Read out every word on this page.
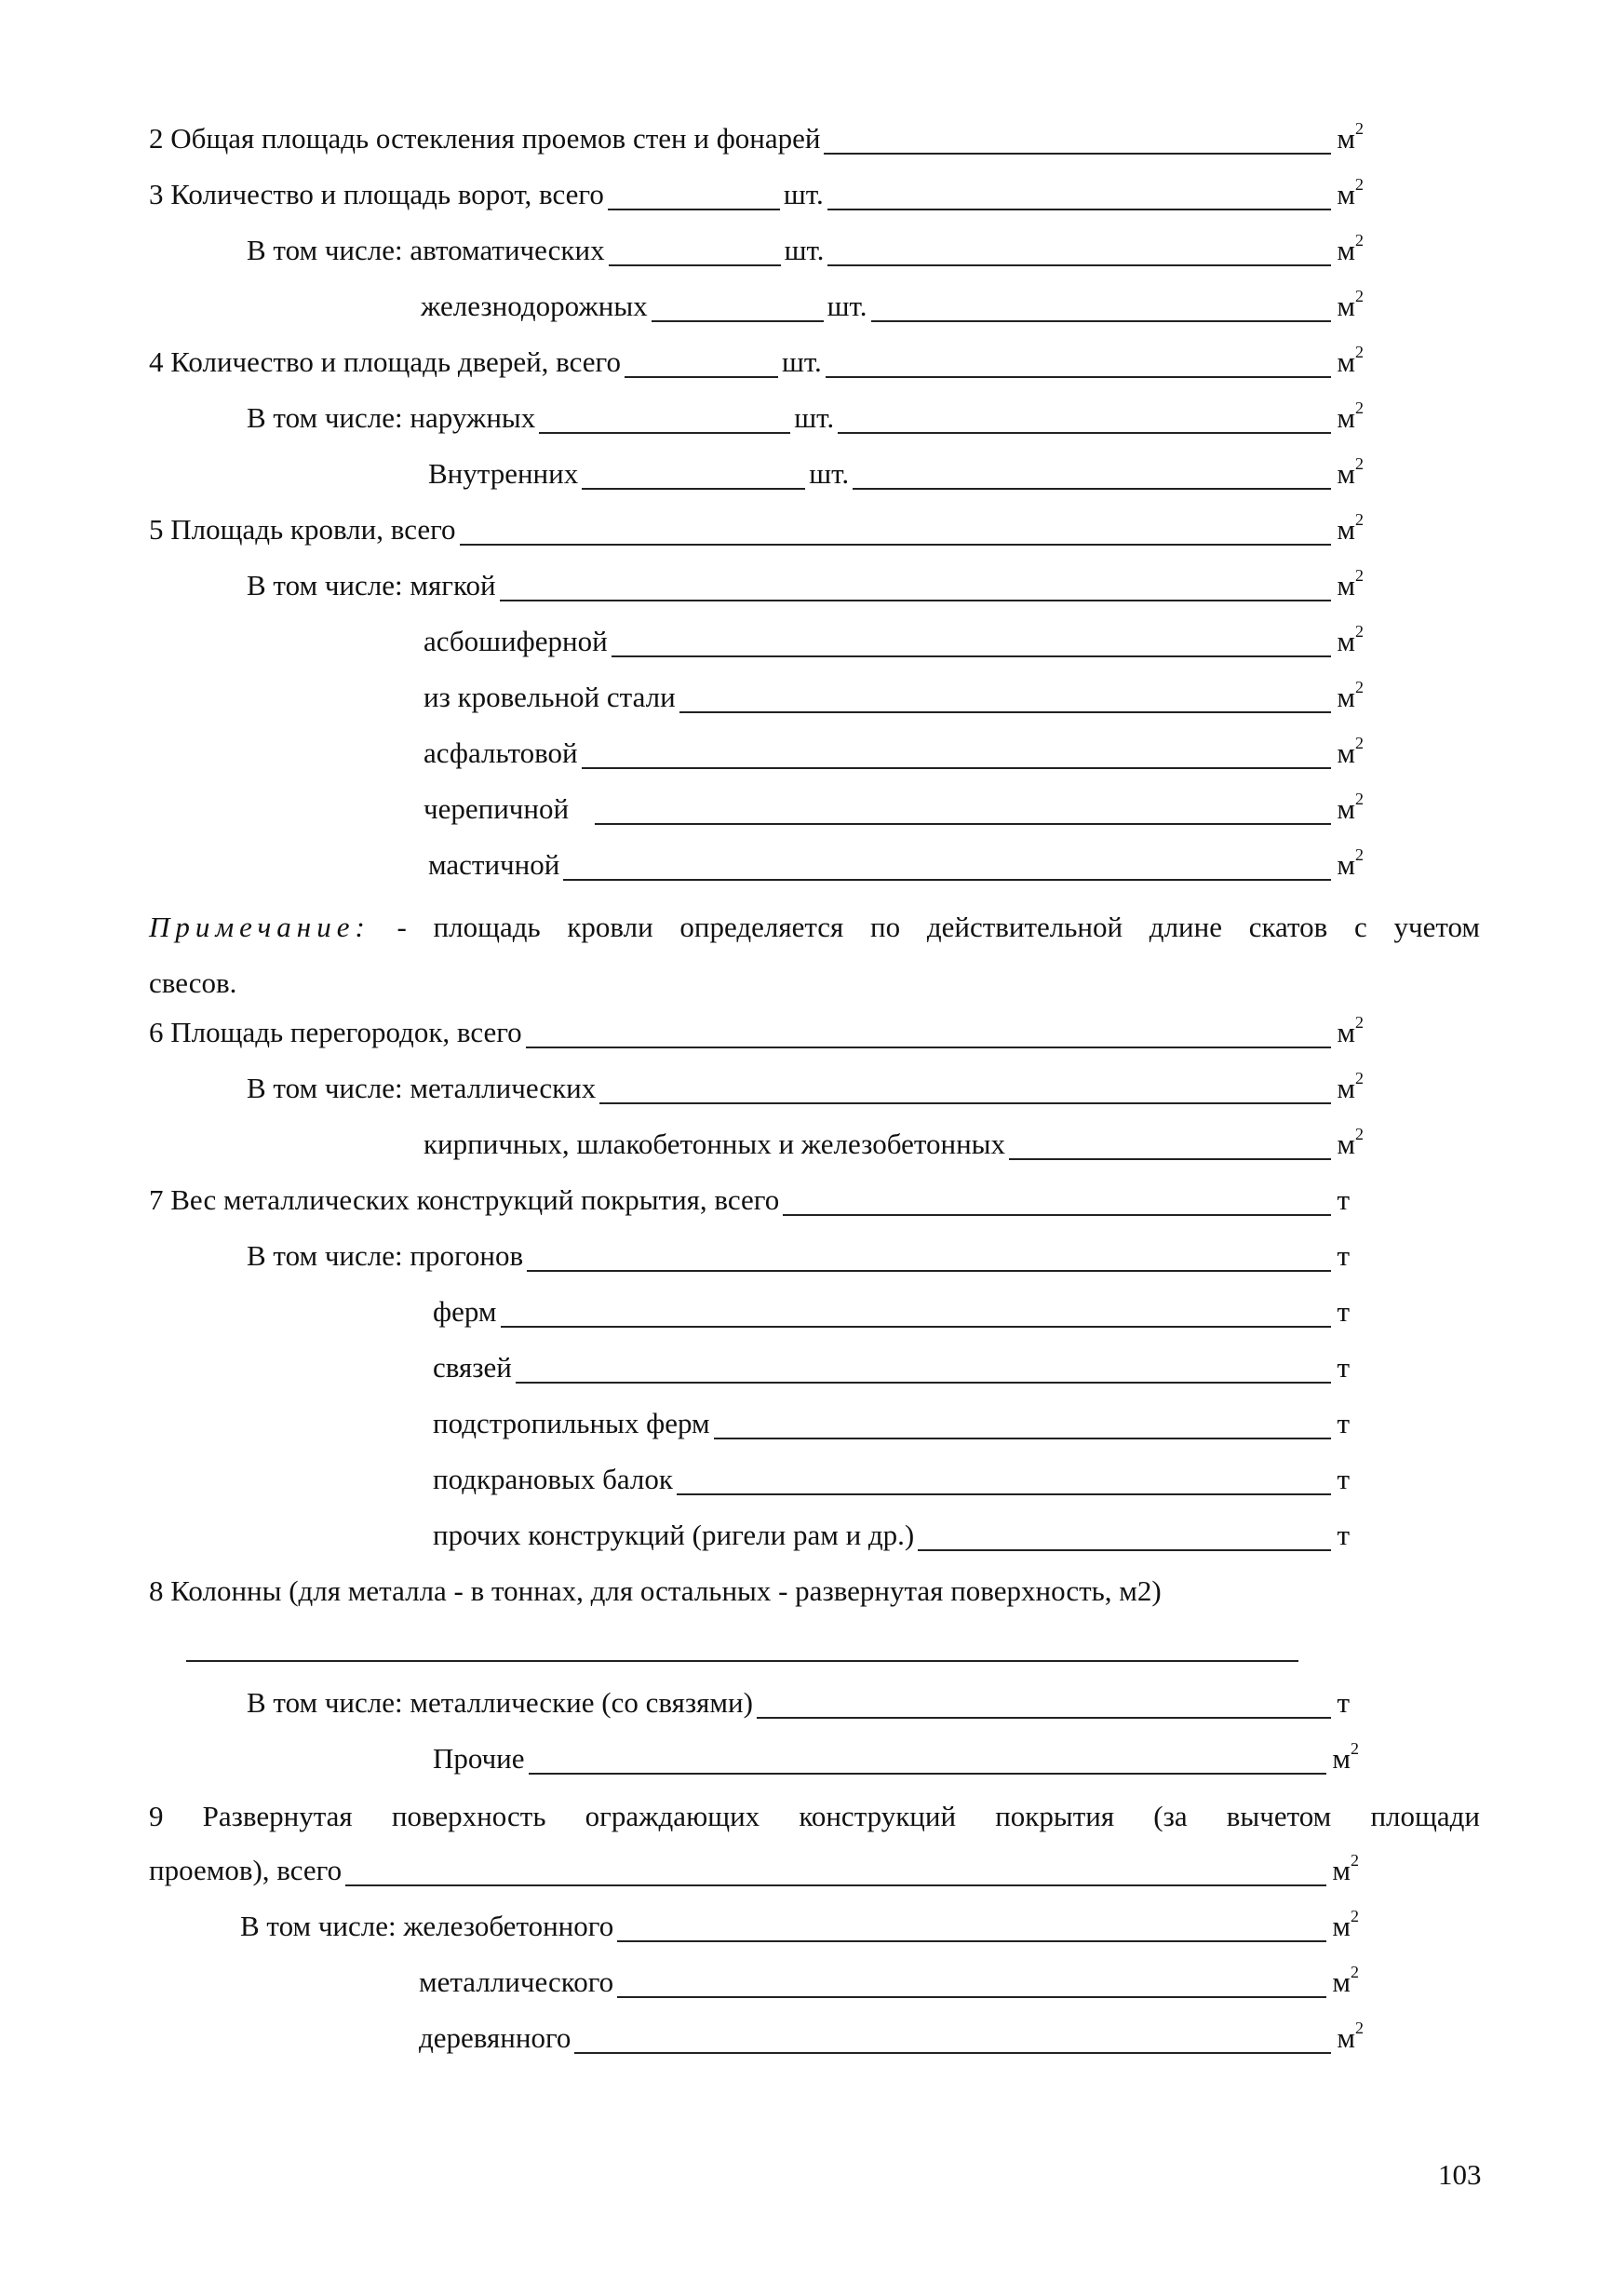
2 Общая площадь остекления проемов стен и фонарей	$м^2$
3 Количество и площадь ворот, всего	шт.	$м^2$
В том числе: автоматических	шт.	$м^2$
железнодорожных	шт.	$м^2$
4 Количество и площадь дверей, всего	шт.	$м^2$
В том числе: наружных	шт.	$м^2$
Внутренних	шт.	$м^2$
5 Площадь кровли, всего	$м^2$
В том числе: мягкой	$м^2$
асбошиферной	$м^2$
из кровельной стали	$м^2$
асфальтовой	$м^2$
черепичной	$м^2$
мастичной	$м^2$
Примечание: - площадь кровли определяется по действительной длине скатов с учетом
свесов.
6 Площадь перегородок, всего	$м^2$
В том числе: металлических	$м^2$
кирпичных, шлакобетонных и железобетонных	$м^2$
7 Вес металлических конструкций покрытия, всего	т
В том числе: прогонов	т
ферм	т
связей	т
подстропильных ферм	т
подкрановых балок	т
прочих конструкций (ригели рам и др.)	т
8 Колонны (для металла - в тоннах, для остальных - развернутая поверхность, м2)
В том числе: металлические (со связями)	т
Прочие	$м^2$
9 Развернутая поверхность ограждающих конструкций покрытия (за вычетом площади
проемов), всего	$м^2$
В том числе: железобетонного	$м^2$
металлического	$м^2$
деревянного	$м^2$
103
